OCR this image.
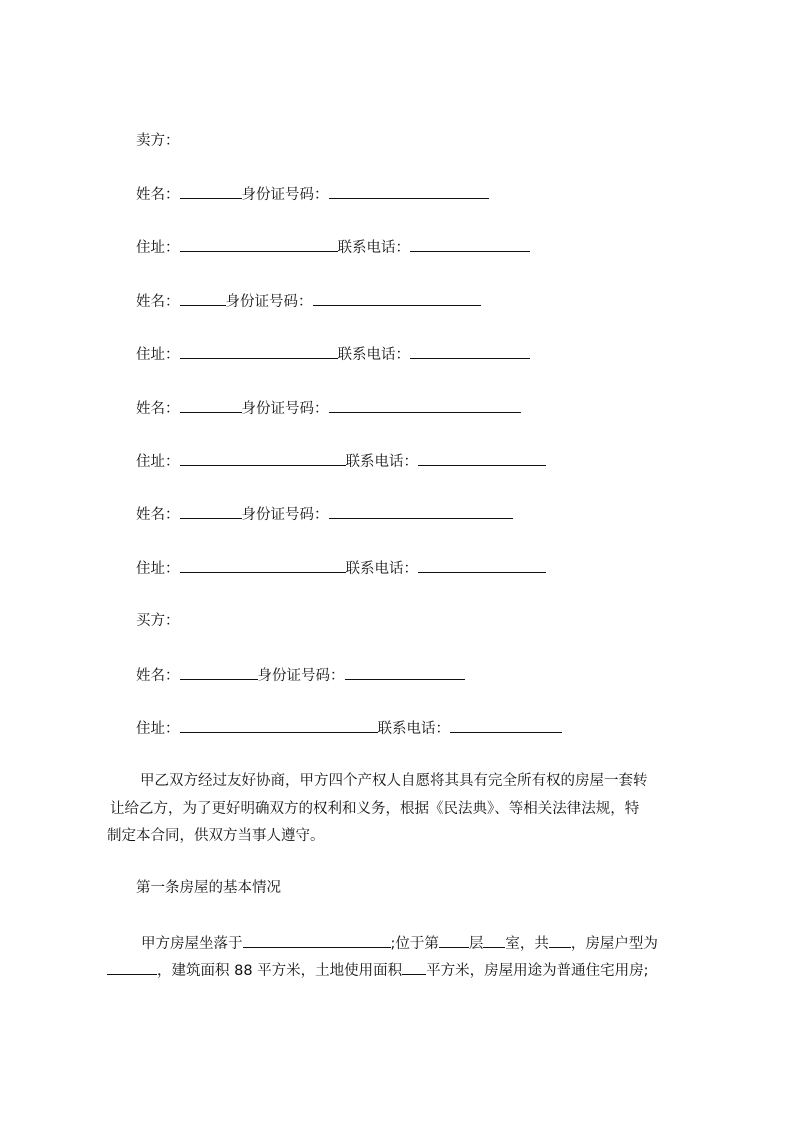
卖方：
姓名：	身份证号码：
住址：	联系电话：
姓名：	身份证号码：
住址：	联系电话：
姓名：	身份证号码：
住址：	联系电话：
姓名：	身份证号码：
住址：	联系电话：
买方：
姓名：	身份证号码：
住址：	联系电话：
甲乙双方经过友好协商，甲方四个产权人自愿将其具有完全所有权的房屋一套转
让给乙方，为了更好明确双方的权利和义务，根据《民法典》、等相关法律法规，特
制定本合同，供双方当事人遵守。
第一条房屋的基本情况
甲方房屋坐落于	;位于第 层 室，共 ，房屋户型为
，建筑面积 88 平方米，土地使用面积 平方米，房屋用途为普通住宅用房;
